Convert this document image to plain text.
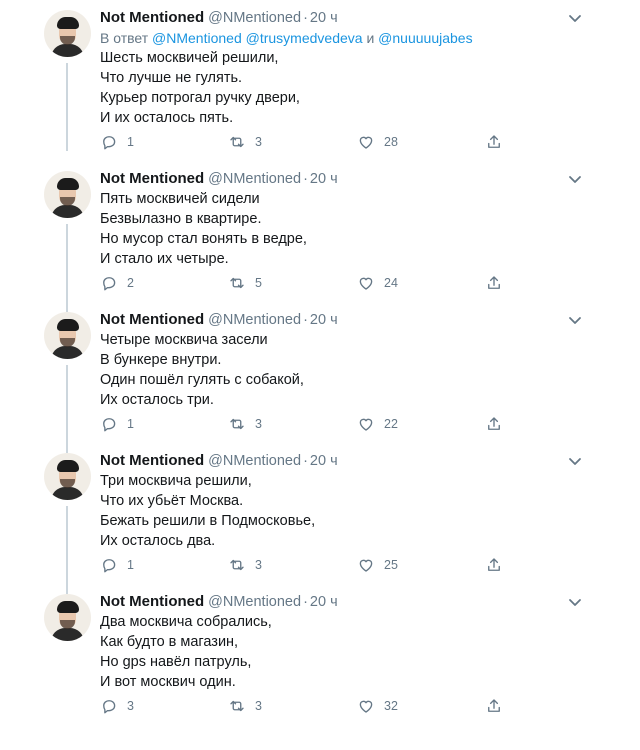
Not Mentioned @NMentioned · 20 ч
В ответ @NMentioned @trusymedvedeva и @nuuuuujabes
Шесть москвичей решили,
Что лучше не гулять.
Курьер потрогал ручку двери,
И их осталось пять.
1	3	28
Not Mentioned @NMentioned · 20 ч
Пять москвичей сидели
Безвылазно в квартире.
Но мусор стал вонять в ведре,
И стало их четыре.
2	5	24
Not Mentioned @NMentioned · 20 ч
Четыре москвича засели
В бункере внутри.
Один пошёл гулять с собакой,
Их осталось три.
1	3	22
Not Mentioned @NMentioned · 20 ч
Три москвича решили,
Что их убьёт Москва.
Бежать решили в Подмосковье,
Их осталось два.
1	3	25
Not Mentioned @NMentioned · 20 ч
Два москвича собрались,
Как будто в магазин,
Но gps навёл патруль,
И вот москвич один.
3	3	32
